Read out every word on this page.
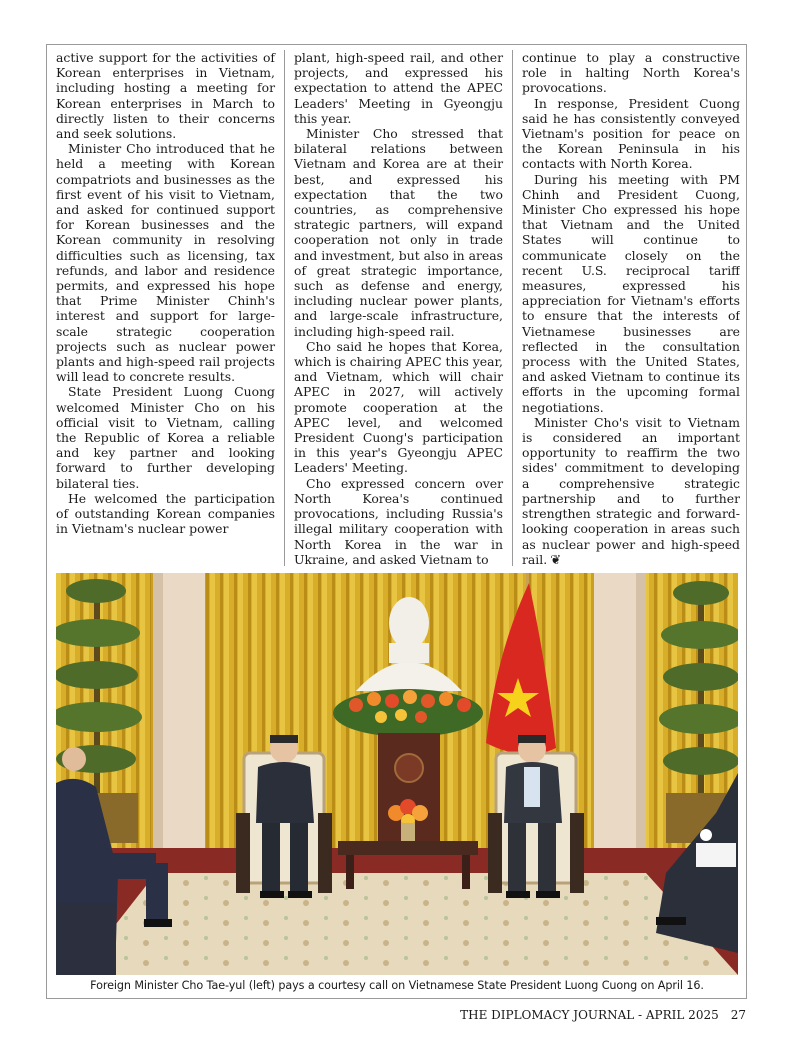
active support for the activities of Korean enterprises in Vietnam, including hosting a meeting for Korean enterprises in March to directly listen to their concerns and seek solutions.

Minister Cho introduced that he held a meeting with Korean compatriots and businesses as the first event of his visit to Vietnam, and asked for continued support for Korean businesses and the Korean community in resolving difficulties such as licensing, tax refunds, and labor and residence permits, and expressed his hope that Prime Minister Chinh's interest and support for large-scale strategic cooperation projects such as nuclear power plants and high-speed rail projects will lead to concrete results.

State President Luong Cuong welcomed Minister Cho on his official visit to Vietnam, calling the Republic of Korea a reliable and key partner and looking forward to further developing bilateral ties.

He welcomed the participation of outstanding Korean companies in Vietnam's nuclear power

plant, high-speed rail, and other projects, and expressed his expectation to attend the APEC Leaders' Meeting in Gyeongju this year.

Minister Cho stressed that bilateral relations between Vietnam and Korea are at their best, and expressed his expectation that the two countries, as comprehensive strategic partners, will expand cooperation not only in trade and investment, but also in areas of great strategic importance, such as defense and energy, including nuclear power plants, and large-scale infrastructure, including high-speed rail.

Cho said he hopes that Korea, which is chairing APEC this year, and Vietnam, which will chair APEC in 2027, will actively promote cooperation at the APEC level, and welcomed President Cuong's participation in this year's Gyeongju APEC Leaders' Meeting.

Cho expressed concern over North Korea's continued provocations, including Russia's illegal military cooperation with North Korea in the war in Ukraine, and asked Vietnam to

continue to play a constructive role in halting North Korea's provocations.

In response, President Cuong said he has consistently conveyed Vietnam's position for peace on the Korean Peninsula in his contacts with North Korea.

During his meeting with PM Chinh and President Cuong, Minister Cho expressed his hope that Vietnam and the United States will continue to communicate closely on the recent U.S. reciprocal tariff measures, expressed his appreciation for Vietnam's efforts to ensure that the interests of Vietnamese businesses are reflected in the consultation process with the United States, and asked Vietnam to continue its efforts in the upcoming formal negotiations.

Minister Cho's visit to Vietnam is considered an important opportunity to reaffirm the two sides' commitment to developing a comprehensive strategic partnership and to further strengthen strategic and forward-looking cooperation in areas such as nuclear power and high-speed rail. ❦

Foreign Minister Cho Tae-yul (left) pays a courtesy call on Vietnamese State President Luong Cuong on April 16.
THE DIPLOMACY JOURNAL - APRIL 2025 27
